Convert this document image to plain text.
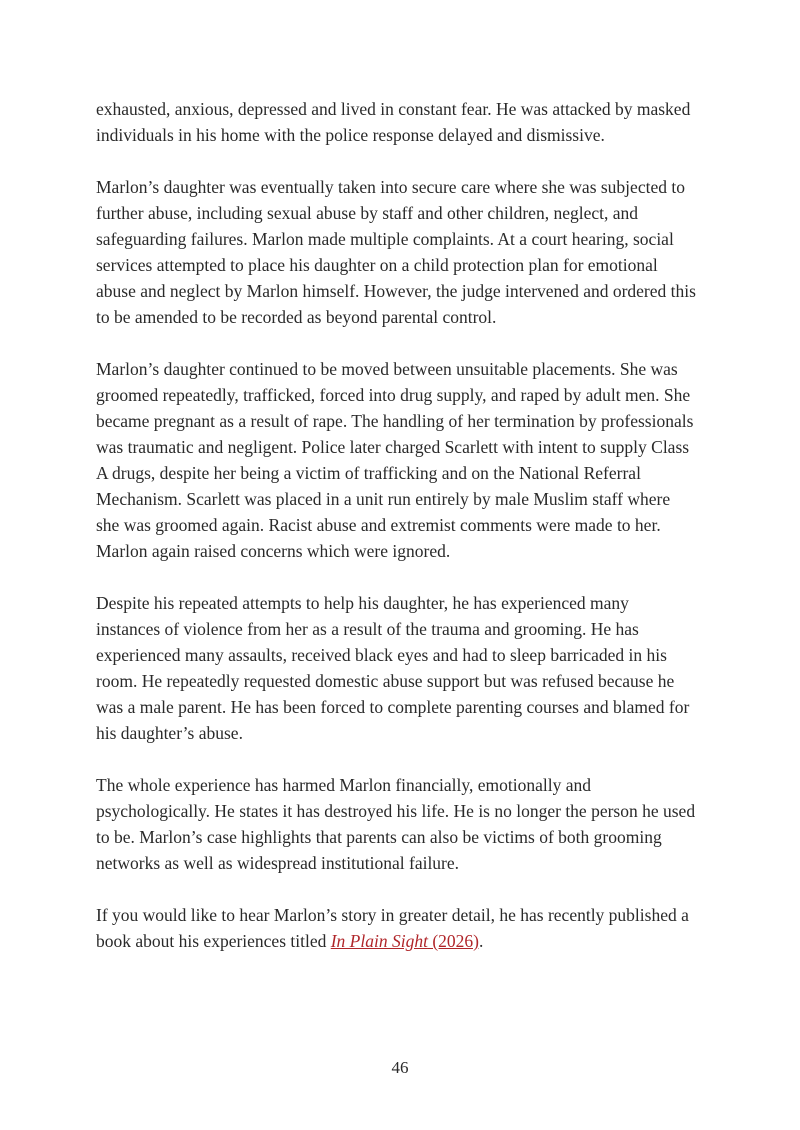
exhausted, anxious, depressed and lived in constant fear. He was attacked by masked individuals in his home with the police response delayed and dismissive.

Marlon’s daughter was eventually taken into secure care where she was subjected to further abuse, including sexual abuse by staff and other children, neglect, and safeguarding failures. Marlon made multiple complaints. At a court hearing, social services attempted to place his daughter on a child protection plan for emotional abuse and neglect by Marlon himself. However, the judge intervened and ordered this to be amended to be recorded as beyond parental control.

Marlon’s daughter continued to be moved between unsuitable placements. She was groomed repeatedly, trafficked, forced into drug supply, and raped by adult men. She became pregnant as a result of rape. The handling of her termination by professionals was traumatic and negligent. Police later charged Scarlett with intent to supply Class A drugs, despite her being a victim of trafficking and on the National Referral Mechanism. Scarlett was placed in a unit run entirely by male Muslim staff where she was groomed again. Racist abuse and extremist comments were made to her. Marlon again raised concerns which were ignored.

Despite his repeated attempts to help his daughter, he has experienced many instances of violence from her as a result of the trauma and grooming. He has experienced many assaults, received black eyes and had to sleep barricaded in his room. He repeatedly requested domestic abuse support but was refused because he was a male parent. He has been forced to complete parenting courses and blamed for his daughter’s abuse.

The whole experience has harmed Marlon financially, emotionally and psychologically. He states it has destroyed his life. He is no longer the person he used to be. Marlon’s case highlights that parents can also be victims of both grooming networks as well as widespread institutional failure.

If you would like to hear Marlon’s story in greater detail, he has recently published a book about his experiences titled In Plain Sight (2026).

46
